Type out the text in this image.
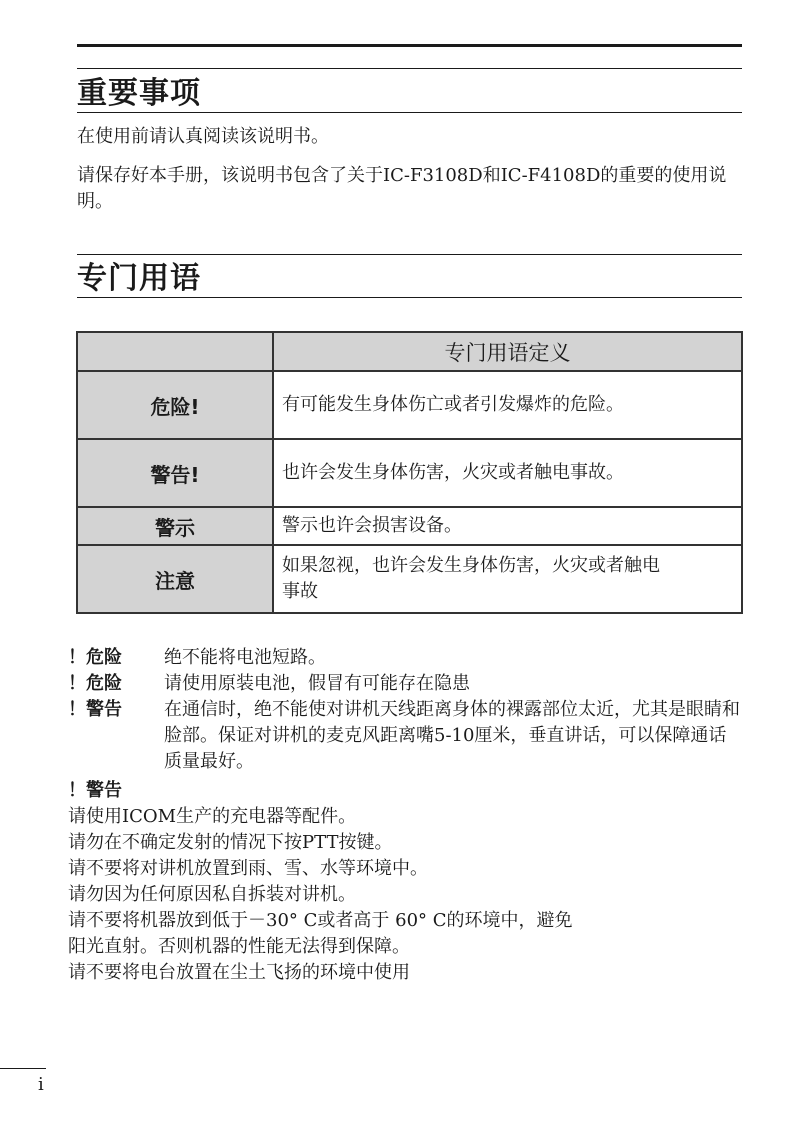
重要事项
在使用前请认真阅读该说明书。
请保存好本手册，该说明书包含了关于IC-F3108D和IC-F4108D的重要的使用说明。
专门用语
	专门用语定义
危险!	有可能发生身体伤亡或者引发爆炸的危险。
警告!	也许会发生身体伤害，火灾或者触电事故。
警示	警示也许会损害设备。
注意	如果忽视，也许会发生身体伤害，火灾或者触电事故
！危险	绝不能将电池短路。
！危险	请使用原装电池，假冒有可能存在隐患
！警告	在通信时，绝不能使对讲机天线距离身体的裸露部位太近，尤其是眼睛和脸部。保证对讲机的麦克风距离嘴5-10厘米，垂直讲话，可以保障通话质量最好。
！警告
请使用ICOM生产的充电器等配件。
请勿在不确定发射的情况下按PTT按键。
请不要将对讲机放置到雨、雪、水等环境中。
请勿因为任何原因私自拆装对讲机。
请不要将机器放到低于－30° C或者高于 60° C的环境中，避免
阳光直射。否则机器的性能无法得到保障。
请不要将电台放置在尘土飞扬的环境中使用
i
